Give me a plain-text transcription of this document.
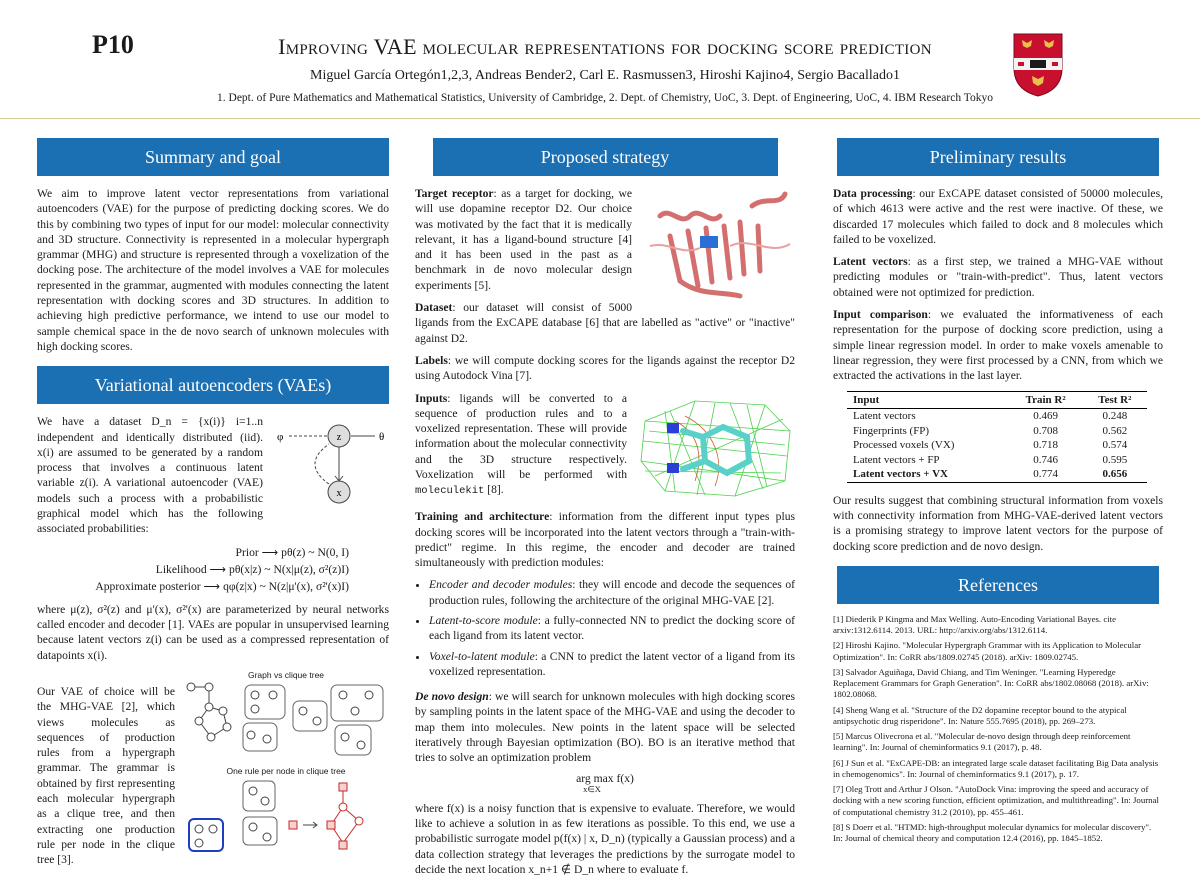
P10	Improving VAE molecular representations for docking score prediction
Miguel García Ortegón1,2,3, Andreas Bender2, Carl E. Rasmussen3, Hiroshi Kajino4, Sergio Bacallado1
1. Dept. of Pure Mathematics and Mathematical Statistics, University of Cambridge, 2. Dept. of Chemistry, UoC, 3. Dept. of Engineering, UoC, 4. IBM Research Tokyo
Summary and goal

We aim to improve latent vector representations from variational autoencoders (VAE) for the purpose of predicting docking scores. We do this by combining two types of input for our model: molecular connectivity and 3D structure. Connectivity is represented in a molecular hypergraph grammar (MHG) and structure is represented through a voxelization of the docking pose. The architecture of the model involves a VAE for molecules represented in the grammar, augmented with modules connecting the latent representation with docking scores and 3D structures. In addition to achieving high predictive performance, we intend to use our model to sample chemical space in the de novo search of unknown molecules with high docking scores.

Variational autoencoders (VAEs)
z
x
φ	θ

We have a dataset D_n = {x(i)} i=1..n independent and identically distributed (iid). x(i) are assumed to be generated by a random process that involves a continuous latent variable z(i). A variational autoencoder (VAE) models such a process with a probabilistic graphical model which has the following associated probabilities:

Prior ⟶ pθ(z) ~ N(0, I)
Likelihood ⟶ pθ(x|z) ~ N(x|μ(z), σ²(z)I)
Approximate posterior ⟶ qφ(z|x) ~ N(z|μ'(x), σ²'(x)I)

where μ(z), σ²(z) and μ'(x), σ²'(x) are parameterized by neural networks called encoder and decoder [1]. VAEs are popular in unsupervised learning because latent vectors z(i) can be used as a compressed representation of datapoints x(i).

Our VAE of choice will be the MHG-VAE [2], which views molecules as sequences of production rules from a hypergraph grammar. The grammar is obtained by first representing each molecular hypergraph as a clique tree, and then extracting one production rule per node in the clique tree [3].

Graph vs clique tree
One rule per node in clique tree
Proposed strategy

Target receptor: as a target for docking, we will use dopamine receptor D2. Our choice was motivated by the fact that it is medically relevant, it has a ligand-bound structure [4] and it has been used in the past as a benchmark in de novo molecular design experiments [5].

Dataset: our dataset will consist of 5000 ligands from the ExCAPE database [6] that are labelled as "active" or "inactive" against D2.

Labels: we will compute docking scores for the ligands against the receptor D2 using Autodock Vina [7].

Inputs: ligands will be converted to a sequence of production rules and to a voxelized representation. These will provide information about the molecular connectivity and the 3D structure respectively. Voxelization will be performed with moleculekit [8].

Training and architecture: information from the different input types plus docking scores will be incorporated into the latent vectors through a "train-with-predict" regime. In this regime, the encoder and decoder are trained simultaneously with prediction modules:

• Encoder and decoder modules: they will encode and decode the sequences of production rules, following the architecture of the original MHG-VAE [2].
• Latent-to-score module: a fully-connected NN to predict the docking score of each ligand from its latent vector.
• Voxel-to-latent module: a CNN to predict the latent vector of a ligand from its voxelized representation.

De novo design: we will search for unknown molecules with high docking scores by sampling points in the latent space of the MHG-VAE and using the decoder to map them into molecules. New points in the latent space will be selected iteratively through Bayesian optimization (BO). BO is an iterative method that tries to solve an optimization problem

arg max f(x)
x∈X

where f(x) is a noisy function that is expensive to evaluate. Therefore, we would like to achieve a solution in as few iterations as possible. To this end, we use a probabilistic surrogate model p(f(x) | x, D_n) (typically a Gaussian process) and a data collection strategy that leverages the predictions by the surrogate model to decide the next location x_n+1 ∉ D_n where to evaluate f.

Preliminary results

Data processing: our ExCAPE dataset consisted of 50000 molecules, of which 4613 were active and the rest were inactive. Of these, we discarded 17 molecules which failed to dock and 8 molecules which failed to be voxelized.

Latent vectors: as a first step, we trained a MHG-VAE without predicting modules or "train-with-predict". Thus, latent vectors obtained were not optimized for prediction.

Input comparison: we evaluated the informativeness of each representation for the purpose of docking score prediction, using a simple linear regression model. In order to make voxels amenable to linear regression, they were first processed by a CNN, from which we extracted the activations in the last layer.

Input	Train R²	Test R²
Latent vectors	0.469	0.248
Fingerprints (FP)	0.708	0.562
Processed voxels (VX)	0.718	0.574
Latent vectors + FP	0.746	0.595
Latent vectors + VX	0.774	0.656

Our results suggest that combining structural information from voxels with connectivity information from MHG-VAE-derived latent vectors is a promising strategy to improve latent vectors for the purpose of docking score prediction and de novo design.

References
[1] Diederik P Kingma and Max Welling. Auto-Encoding Variational Bayes. cite arxiv:1312.6114. 2013. URL: http://arxiv.org/abs/1312.6114.
[2] Hiroshi Kajino. "Molecular Hypergraph Grammar with its Application to Molecular Optimization". In: CoRR abs/1809.02745 (2018). arXiv: 1809.02745.
[3] Salvador Aguiñaga, David Chiang, and Tim Weninger. "Learning Hyperedge Replacement Grammars for Graph Generation". In: CoRR abs/1802.08068 (2018). arXiv: 1802.08068.
[4] Sheng Wang et al. "Structure of the D2 dopamine receptor bound to the atypical antipsychotic drug risperidone". In: Nature 555.7695 (2018), pp. 269–273.
[5] Marcus Olivecrona et al. "Molecular de-novo design through deep reinforcement learning". In: Journal of cheminformatics 9.1 (2017), p. 48.
[6] J Sun et al. "ExCAPE-DB: an integrated large scale dataset facilitating Big Data analysis in chemogenomics". In: Journal of cheminformatics 9.1 (2017), p. 17.
[7] Oleg Trott and Arthur J Olson. "AutoDock Vina: improving the speed and accuracy of docking with a new scoring function, efficient optimization, and multithreading". In: Journal of computational chemistry 31.2 (2010), pp. 455–461.
[8] S Doerr et al. "HTMD: high-throughput molecular dynamics for molecular discovery". In: Journal of chemical theory and computation 12.4 (2016), pp. 1845–1852.
